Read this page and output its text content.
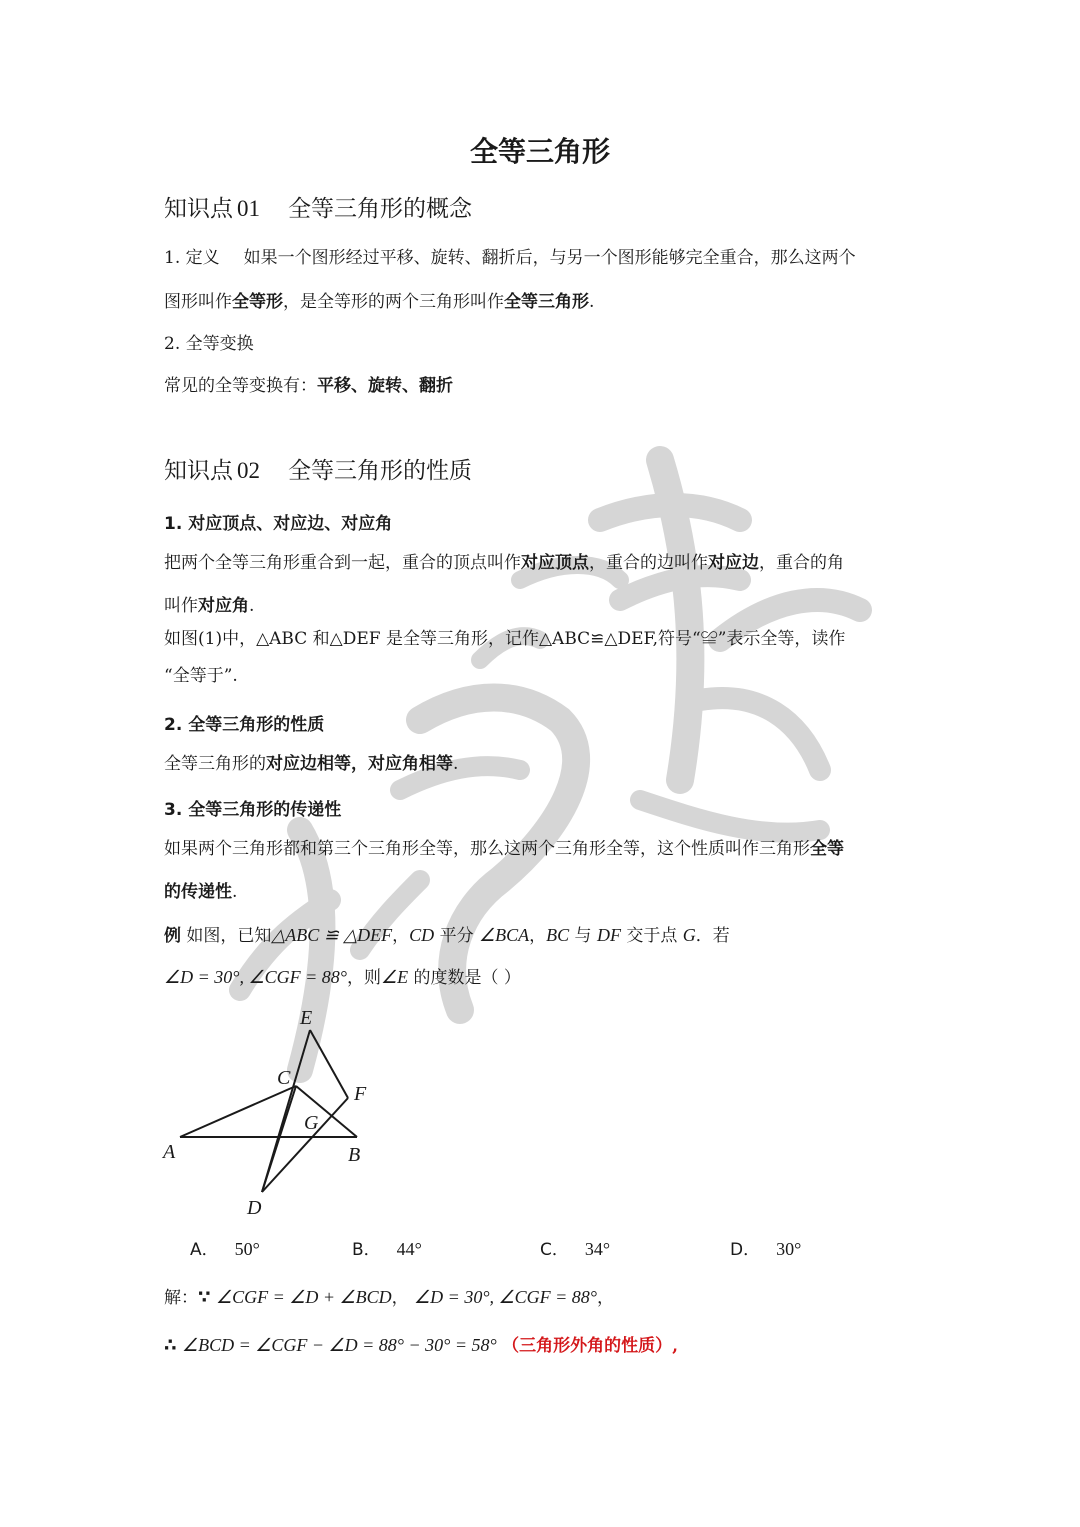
全等三角形
知识点 01 全等三角形的概念
1. 定义 如果一个图形经过平移、旋转、翻折后，与另一个图形能够完全重合，那么这两个
图形叫作全等形，是全等形的两个三角形叫作全等三角形.
2. 全等变换
常见的全等变换有：平移、旋转、翻折
知识点 02 全等三角形的性质
1. 对应顶点、对应边、对应角
把两个全等三角形重合到一起，重合的顶点叫作对应顶点，重合的边叫作对应边，重合的角
叫作对应角.
如图(1)中，△ABC 和△DEF 是全等三角形，记作△ABC≌△DEF,符号“≌”表示全等，读作
“全等于”.
2. 全等三角形的性质
全等三角形的对应边相等，对应角相等.
3. 全等三角形的传递性
如果两个三角形都和第三个三角形全等，那么这两个三角形全等，这个性质叫作三角形全等
的传递性.
例 如图，已知△ABC ≌ △DEF，CD 平分 ∠BCA，BC 与 DF 交于点 G．若
∠D = 30°, ∠CGF = 88°，则∠E 的度数是（ ）
E
C
F
G
A	B
D
A． 50°	B． 44°	C． 34°	D． 30°
解：∵ ∠CGF = ∠D + ∠BCD， ∠D = 30°, ∠CGF = 88°，
∴ ∠BCD = ∠CGF − ∠D = 88° − 30° = 58° （三角形外角的性质）,
